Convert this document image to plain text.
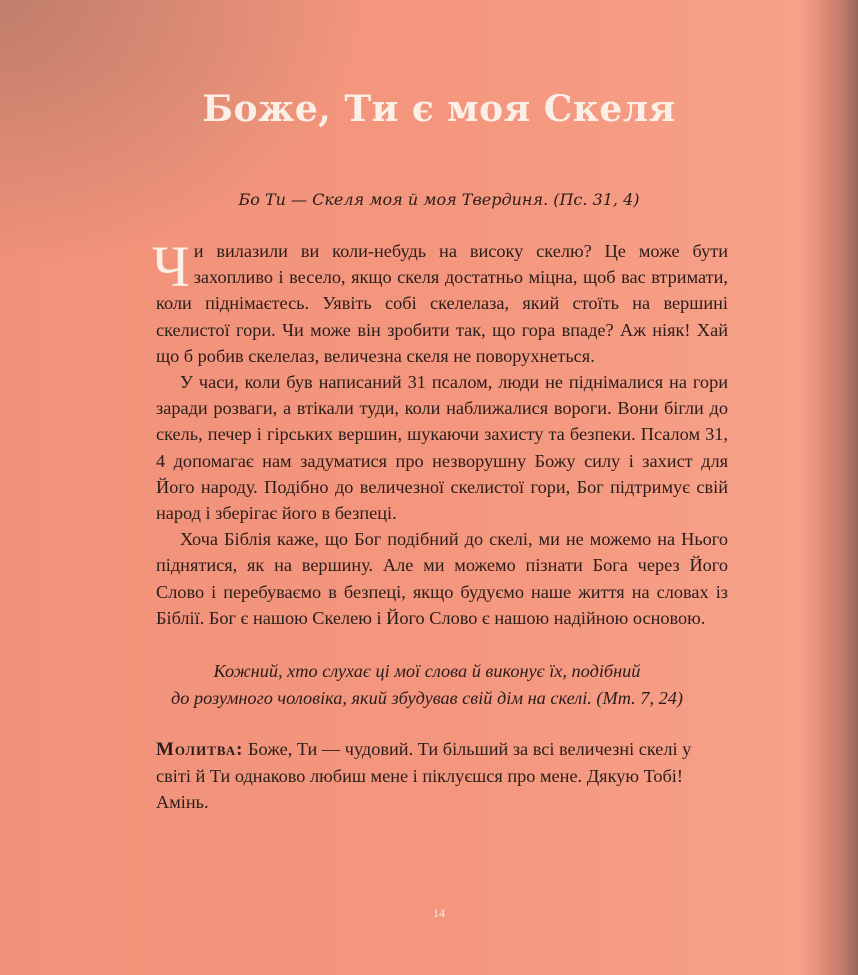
Боже, Ти є моя Скеля
Бо Ти — Скеля моя й моя Твердиня. (Пс. 31, 4)

Чи вилазили ви коли-небудь на високу скелю? Це може бути захопливо і весело, якщо скеля достатньо міцна, щоб вас втримати, коли піднімаєтесь. Уявіть собі скелелаза, який стоїть на вершині скелистої гори. Чи може він зробити так, що гора впаде? Аж ніяк! Хай що б робив скелелаз, величезна скеля не поворухнеться.

У часи, коли був написаний 31 псалом, люди не піднімалися на гори заради розваги, а втікали туди, коли наближалися вороги. Вони бігли до скель, печер і гірських вершин, шукаючи захисту та безпеки. Псалом 31, 4 допомагає нам задуматися про незворушну Божу силу і захист для Його народу. Подібно до величезної скелистої гори, Бог підтримує свій народ і зберігає його в безпеці.

Хоча Біблія каже, що Бог подібний до скелі, ми не можемо на Нього піднятися, як на вершину. Але ми можемо пізнати Бога через Його Слово і перебуваємо в безпеці, якщо будуємо наше життя на словах із Біблії. Бог є нашою Скелею і Його Слово є нашою надійною основою.

Кожний, хто слухає ці мої слова й виконує їх, подібний
до розумного чоловіка, який збудував свій дім на скелі. (Мт. 7, 24)
Молитва: Боже, Ти — чудовий. Ти більший за всі величезні скелі у світі й Ти однаково любиш мене і піклуєшся про мене. Дякую Тобі! Амінь.
14
